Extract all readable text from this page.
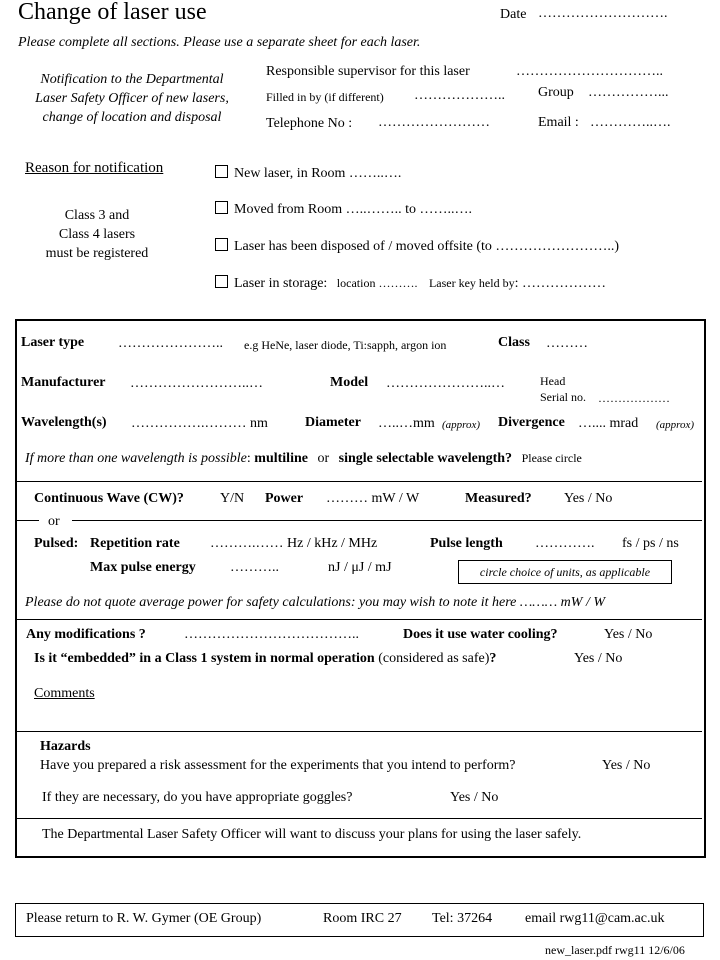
Change of laser use	Date ……………………….
Please complete all sections. Please use a separate sheet for each laser.
Notification to the Departmental
Laser Safety Officer of new lasers,
change of location and disposal
Responsible supervisor for this laser	…………………………..
Filled in by (if different) ……………….. Group ……………...
Telephone No : ……………………	Email : …………..….
Reason for notification
Class 3 and
Class 4 lasers
must be registered
New laser, in Room ……..….
Moved from Room …..…….. to ……..….
Laser has been disposed of / moved offsite (to ……………………..)
Laser in storage: location ………. Laser key held by: ………………
Laser type ………………….. e.g HeNe, laser diode, Ti:sapph, argon ion	Class ………
Manufacturer ……………………..…	Model …………………..…	Head
Serial no. ………………
Wavelength(s) …………….……… nm	Diameter …..…mm (approx) Divergence ….... mrad (approx)
If more than one wavelength is possible: multiline or single selectable wavelength? Please circle
Continuous Wave (CW)?	Y/N Power ……… mW / W	Measured? Yes / No
or
Pulsed: Repetition rate ……….…… Hz / kHz / MHz	Pulse length …………. fs / ps / ns
Max pulse energy ………..	nJ / μJ / mJ	circle choice of units, as applicable
Please do not quote average power for safety calculations: you may wish to note it here ……… mW / W
Any modifications ?	………………………………..	Does it use water cooling?	Yes / No
Is it “embedded” in a Class 1 system in normal operation (considered as safe)?	Yes / No
Comments
Hazards
Have you prepared a risk assessment for the experiments that you intend to perform?	Yes / No
If they are necessary, do you have appropriate goggles?	Yes / No
The Departmental Laser Safety Officer will want to discuss your plans for using the laser safely.
Please return to R. W. Gymer (OE Group)	Room IRC 27 Tel: 37264 email rwg11@cam.ac.uk
new_laser.pdf rwg11 12/6/06
